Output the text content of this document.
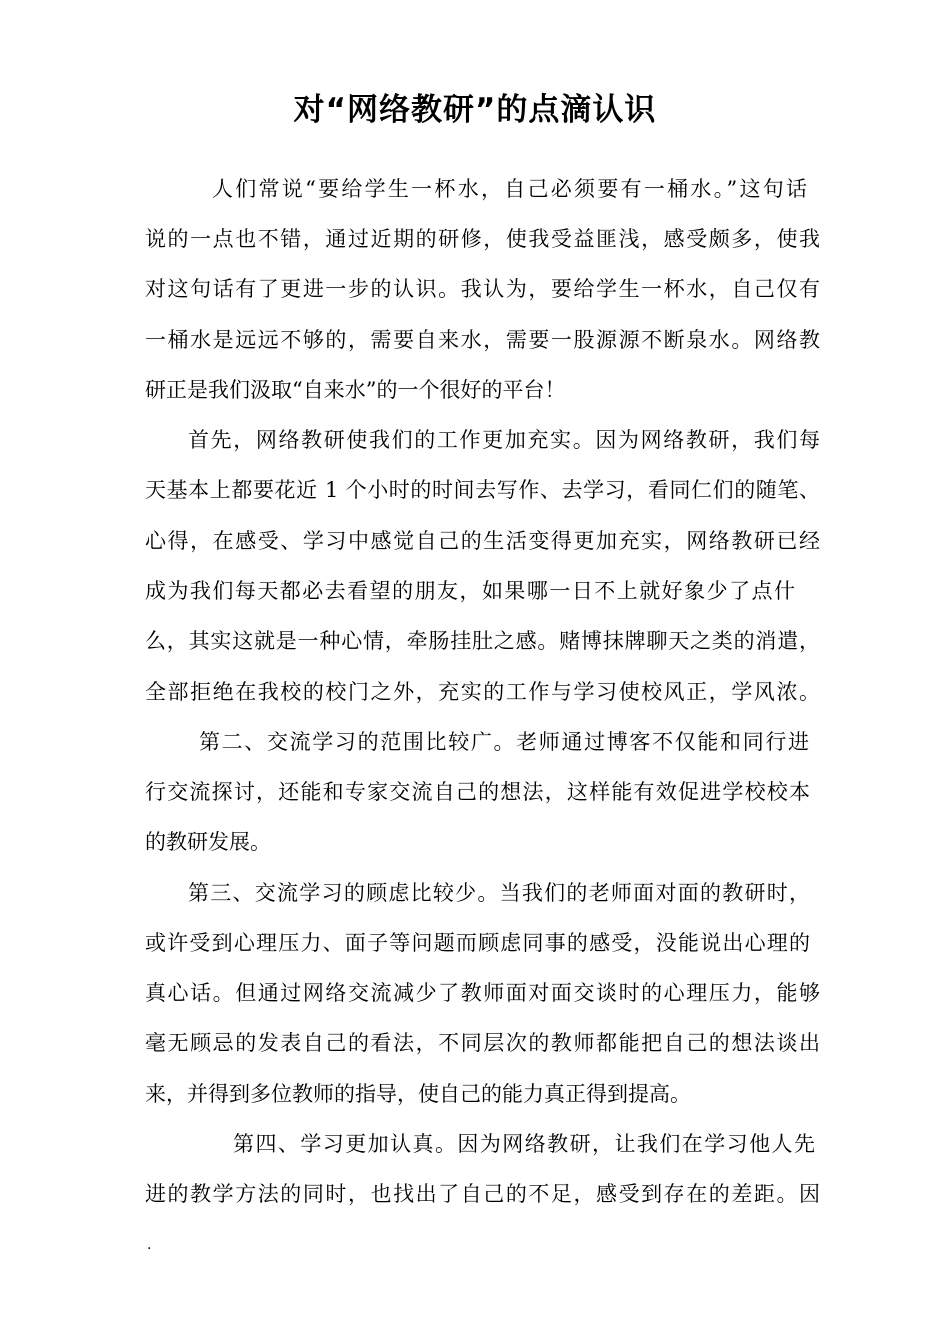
对“网络教研”的点滴认识

人们常说“要给学生一杯水，自己必须要有一桶水。”这句话

说的一点也不错，通过近期的研修，使我受益匪浅，感受颇多，使我

对这句话有了更进一步的认识。我认为，要给学生一杯水，自己仅有

一桶水是远远不够的，需要自来水，需要一股源源不断泉水。网络教

研正是我们汲取“自来水”的一个很好的平台！

首先，网络教研使我们的工作更加充实。因为网络教研，我们每

天基本上都要花近 1 个小时的时间去写作、去学习，看同仁们的随笔、

心得，在感受、学习中感觉自己的生活变得更加充实，网络教研已经

成为我们每天都必去看望的朋友，如果哪一日不上就好象少了点什

么，其实这就是一种心情，牵肠挂肚之感。赌博抹牌聊天之类的消遣，

全部拒绝在我校的校门之外，充实的工作与学习使校风正，学风浓。

第二、交流学习的范围比较广。老师通过博客不仅能和同行进

行交流探讨，还能和专家交流自己的想法，这样能有效促进学校校本

的教研发展。

第三、交流学习的顾虑比较少。当我们的老师面对面的教研时，

或许受到心理压力、面子等问题而顾虑同事的感受，没能说出心理的

真心话。但通过网络交流减少了教师面对面交谈时的心理压力，能够

毫无顾忌的发表自己的看法，不同层次的教师都能把自己的想法谈出

来，并得到多位教师的指导，使自己的能力真正得到提高。

第四、学习更加认真。因为网络教研，让我们在学习他人先

进的教学方法的同时，也找出了自己的不足，感受到存在的差距。因

.
